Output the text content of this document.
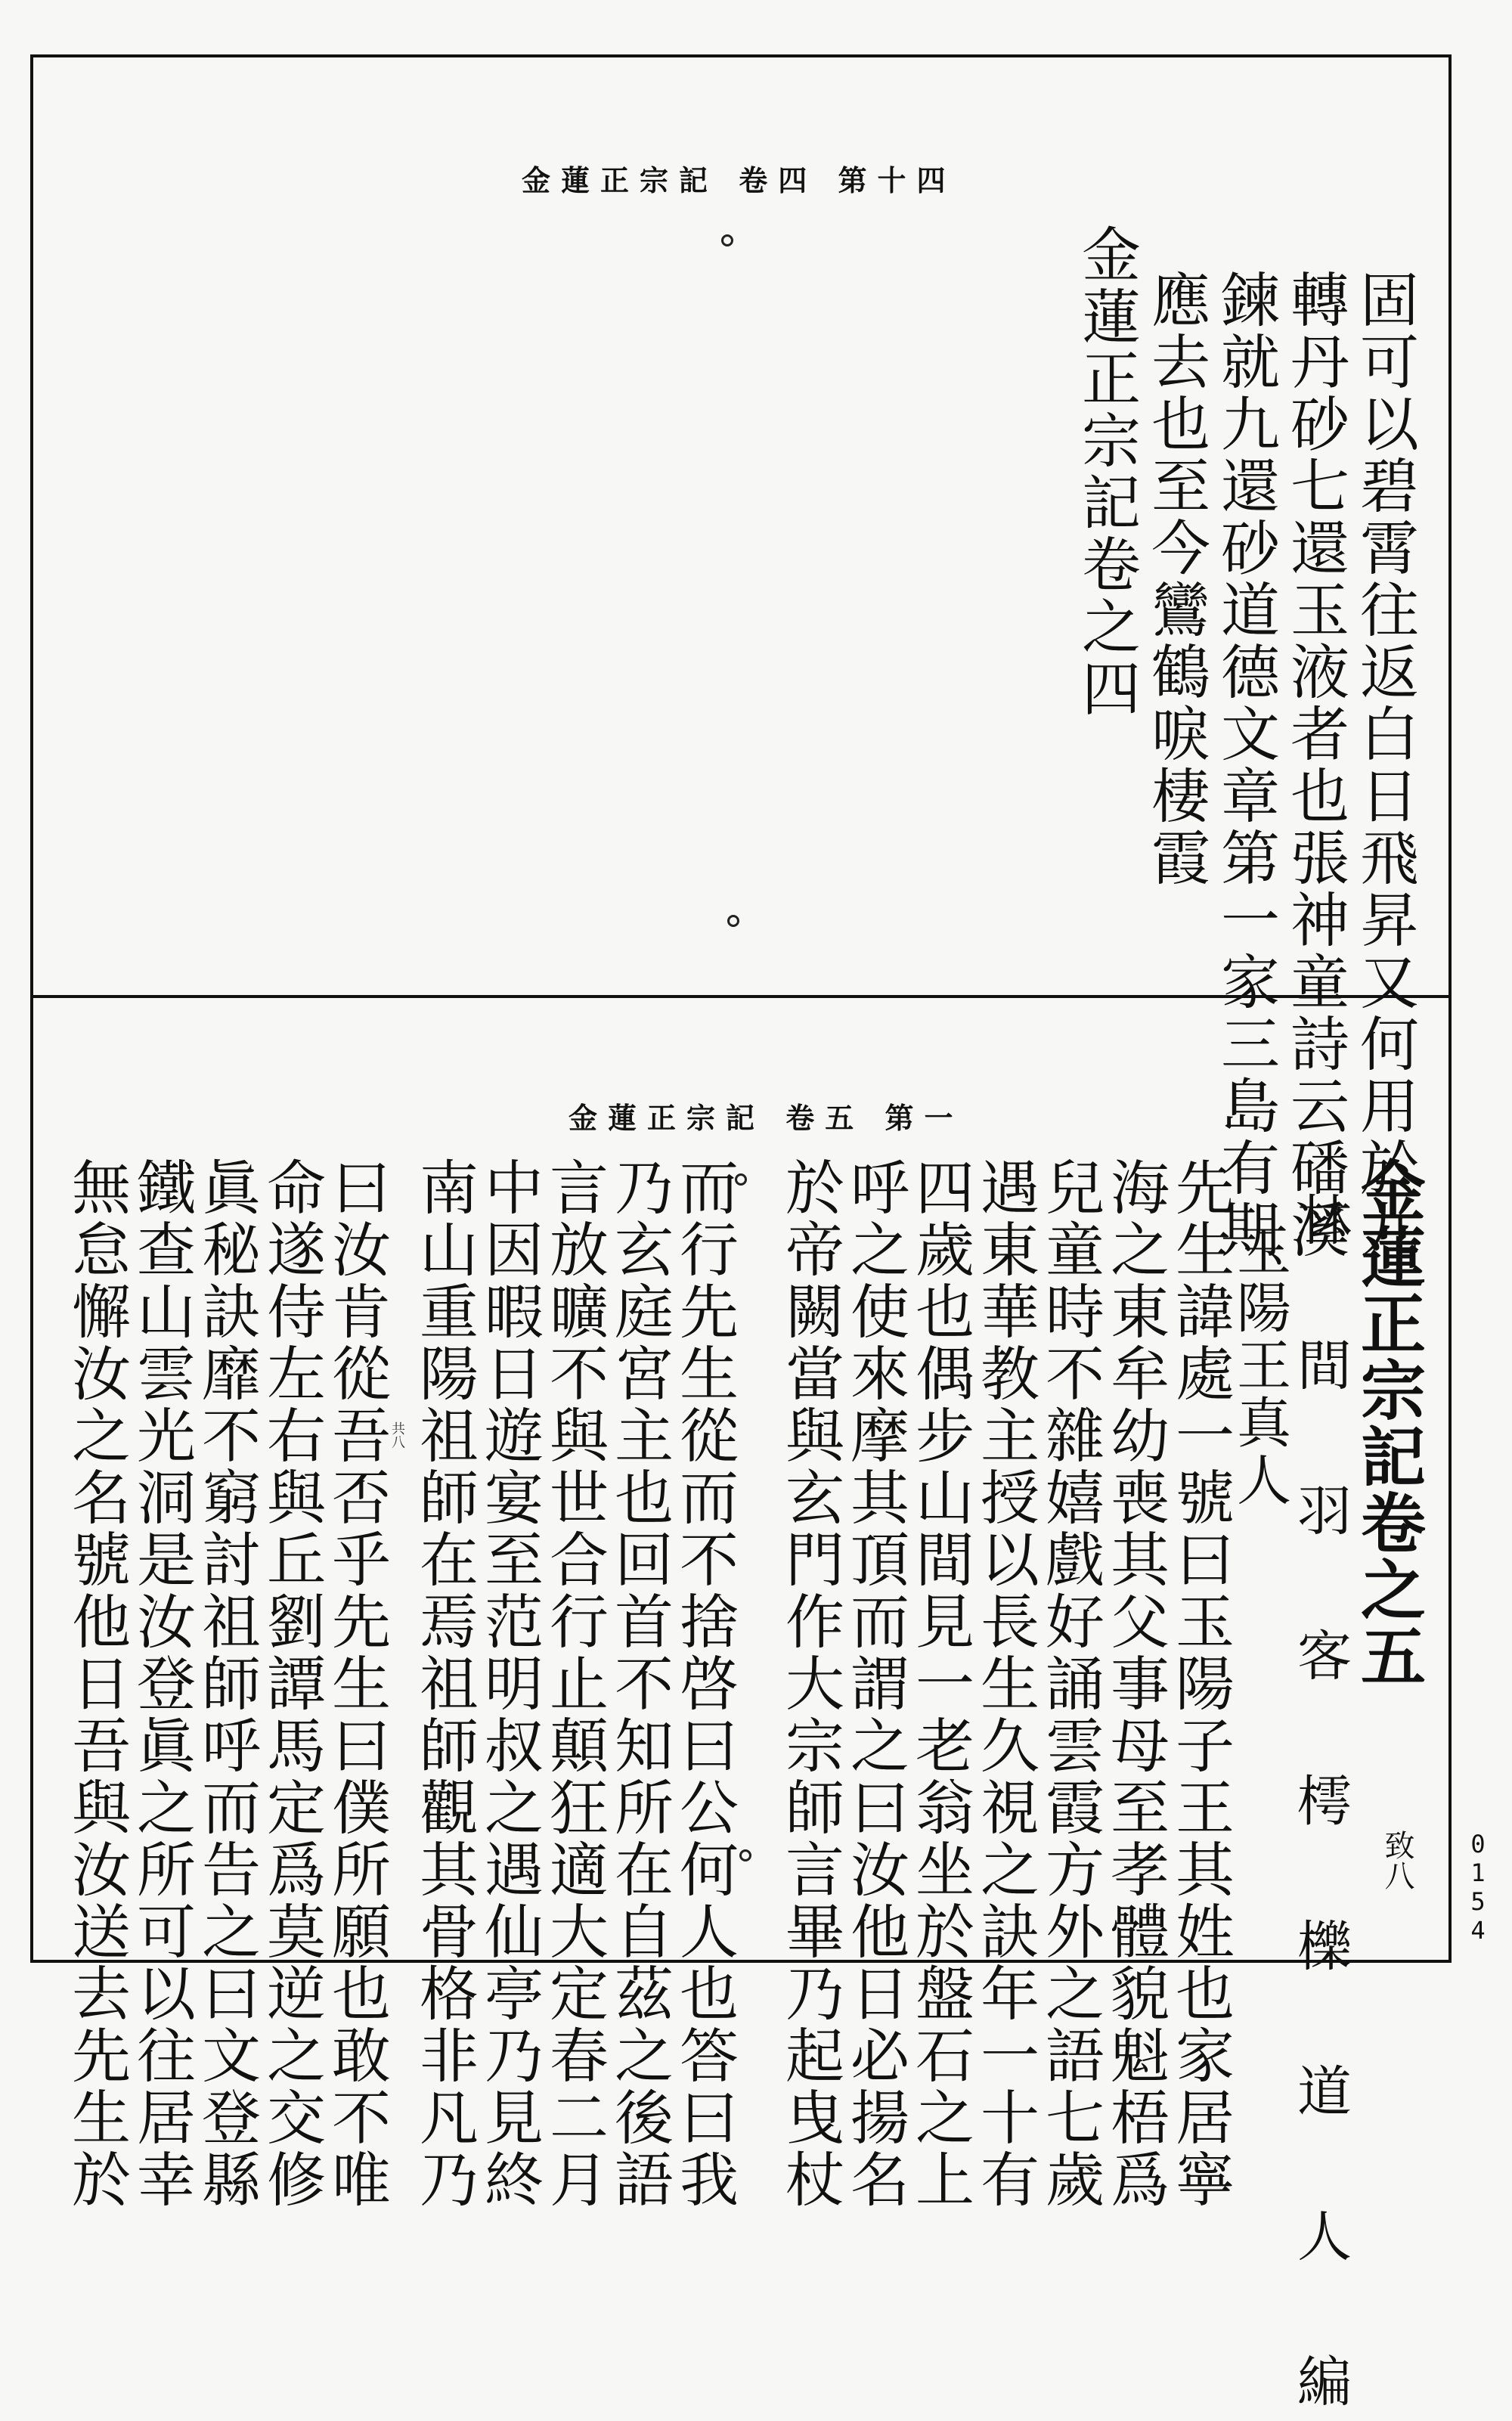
金蓮正宗記 卷四 第十四
固可以碧霄往返白日飛昇又何用於九
轉丹砂七還玉液者也張神童詩云磻溪
鍊就九還砂道德文章第一家三島有期
應去也至今鸞鶴唳棲霞
金蓮正宗記卷之四
金蓮正宗記 卷五 第一
金蓮正宗記卷之五
林 間 羽 客 樗 櫟 道 人 編
玉陽王真人
致八 0154
共八	先生諱處一號曰玉陽子王其姓也家居寧
海之東牟幼喪其父事母至孝體貌魁梧爲
兒童時不雜嬉戲好誦雲霞方外之語七歲
遇東華教主授以長生久視之訣年一十有
四歲也偶步山間見一老翁坐於盤石之上
呼之使來摩其頂而謂之曰汝他日必揚名
於帝闕當與玄門作大宗師言畢乃起曳杖
而行先生從而不捨啓曰公何人也答曰我
乃玄庭宮主也回首不知所在自茲之後語
言放曠不與世合行止顛狂適大定春二月
中因暇日遊宴至范明叔之遇仙亭乃見終
南山重陽祖師在焉祖師觀其骨格非凡乃
曰汝肯從吾否乎先生曰僕所願也敢不唯
命遂侍左右與丘劉譚馬定爲莫逆之交修
眞秘訣靡不窮討祖師呼而告之曰文登縣
鐵查山雲光洞是汝登眞之所可以往居幸
無怠懈汝之名號他日吾與汝送去先生於
